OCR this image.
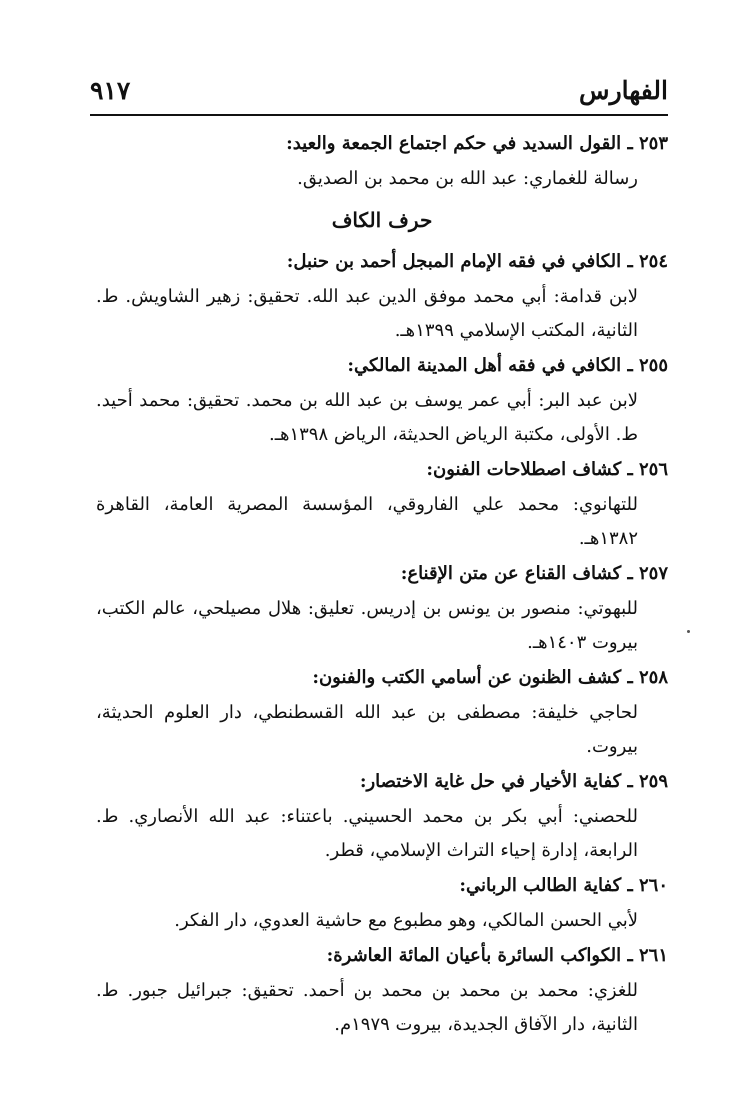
الفهارس
٩١٧
٢٥٣ ـ القول السديد في حكم اجتماع الجمعة والعيد:
رسالة للغماري: عبد الله بن محمد بن الصديق.
حرف الكاف
٢٥٤ ـ الكافي في فقه الإمام المبجل أحمد بن حنبل:
لابن قدامة: أبي محمد موفق الدين عبد الله. تحقيق: زهير الشاويش. ط. الثانية، المكتب الإسلامي ١٣٩٩هـ.
٢٥٥ ـ الكافي في فقه أهل المدينة المالكي:
لابن عبد البر: أبي عمر يوسف بن عبد الله بن محمد. تحقيق: محمد أحيد. ط. الأولى، مكتبة الرياض الحديثة، الرياض ١٣٩٨هـ.
٢٥٦ ـ كشاف اصطلاحات الفنون:
للتهانوي: محمد علي الفاروقي، المؤسسة المصرية العامة، القاهرة ١٣٨٢هـ.
٢٥٧ ـ كشاف القناع عن متن الإقناع:
للبهوتي: منصور بن يونس بن إدريس. تعليق: هلال مصيلحي، عالم الكتب، بيروت ١٤٠٣هـ.
٢٥٨ ـ كشف الظنون عن أسامي الكتب والفنون:
لحاجي خليفة: مصطفى بن عبد الله القسطنطي، دار العلوم الحديثة، بيروت.
٢٥٩ ـ كفاية الأخيار في حل غاية الاختصار:
للحصني: أبي بكر بن محمد الحسيني. باعتناء: عبد الله الأنصاري. ط. الرابعة، إدارة إحياء التراث الإسلامي، قطر.
٢٦٠ ـ كفاية الطالب الرباني:
لأبي الحسن المالكي، وهو مطبوع مع حاشية العدوي، دار الفكر.
٢٦١ ـ الكواكب السائرة بأعيان المائة العاشرة:
للغزي: محمد بن محمد بن محمد بن أحمد. تحقيق: جبرائيل جبور. ط. الثانية، دار الآفاق الجديدة، بيروت ١٩٧٩م.
